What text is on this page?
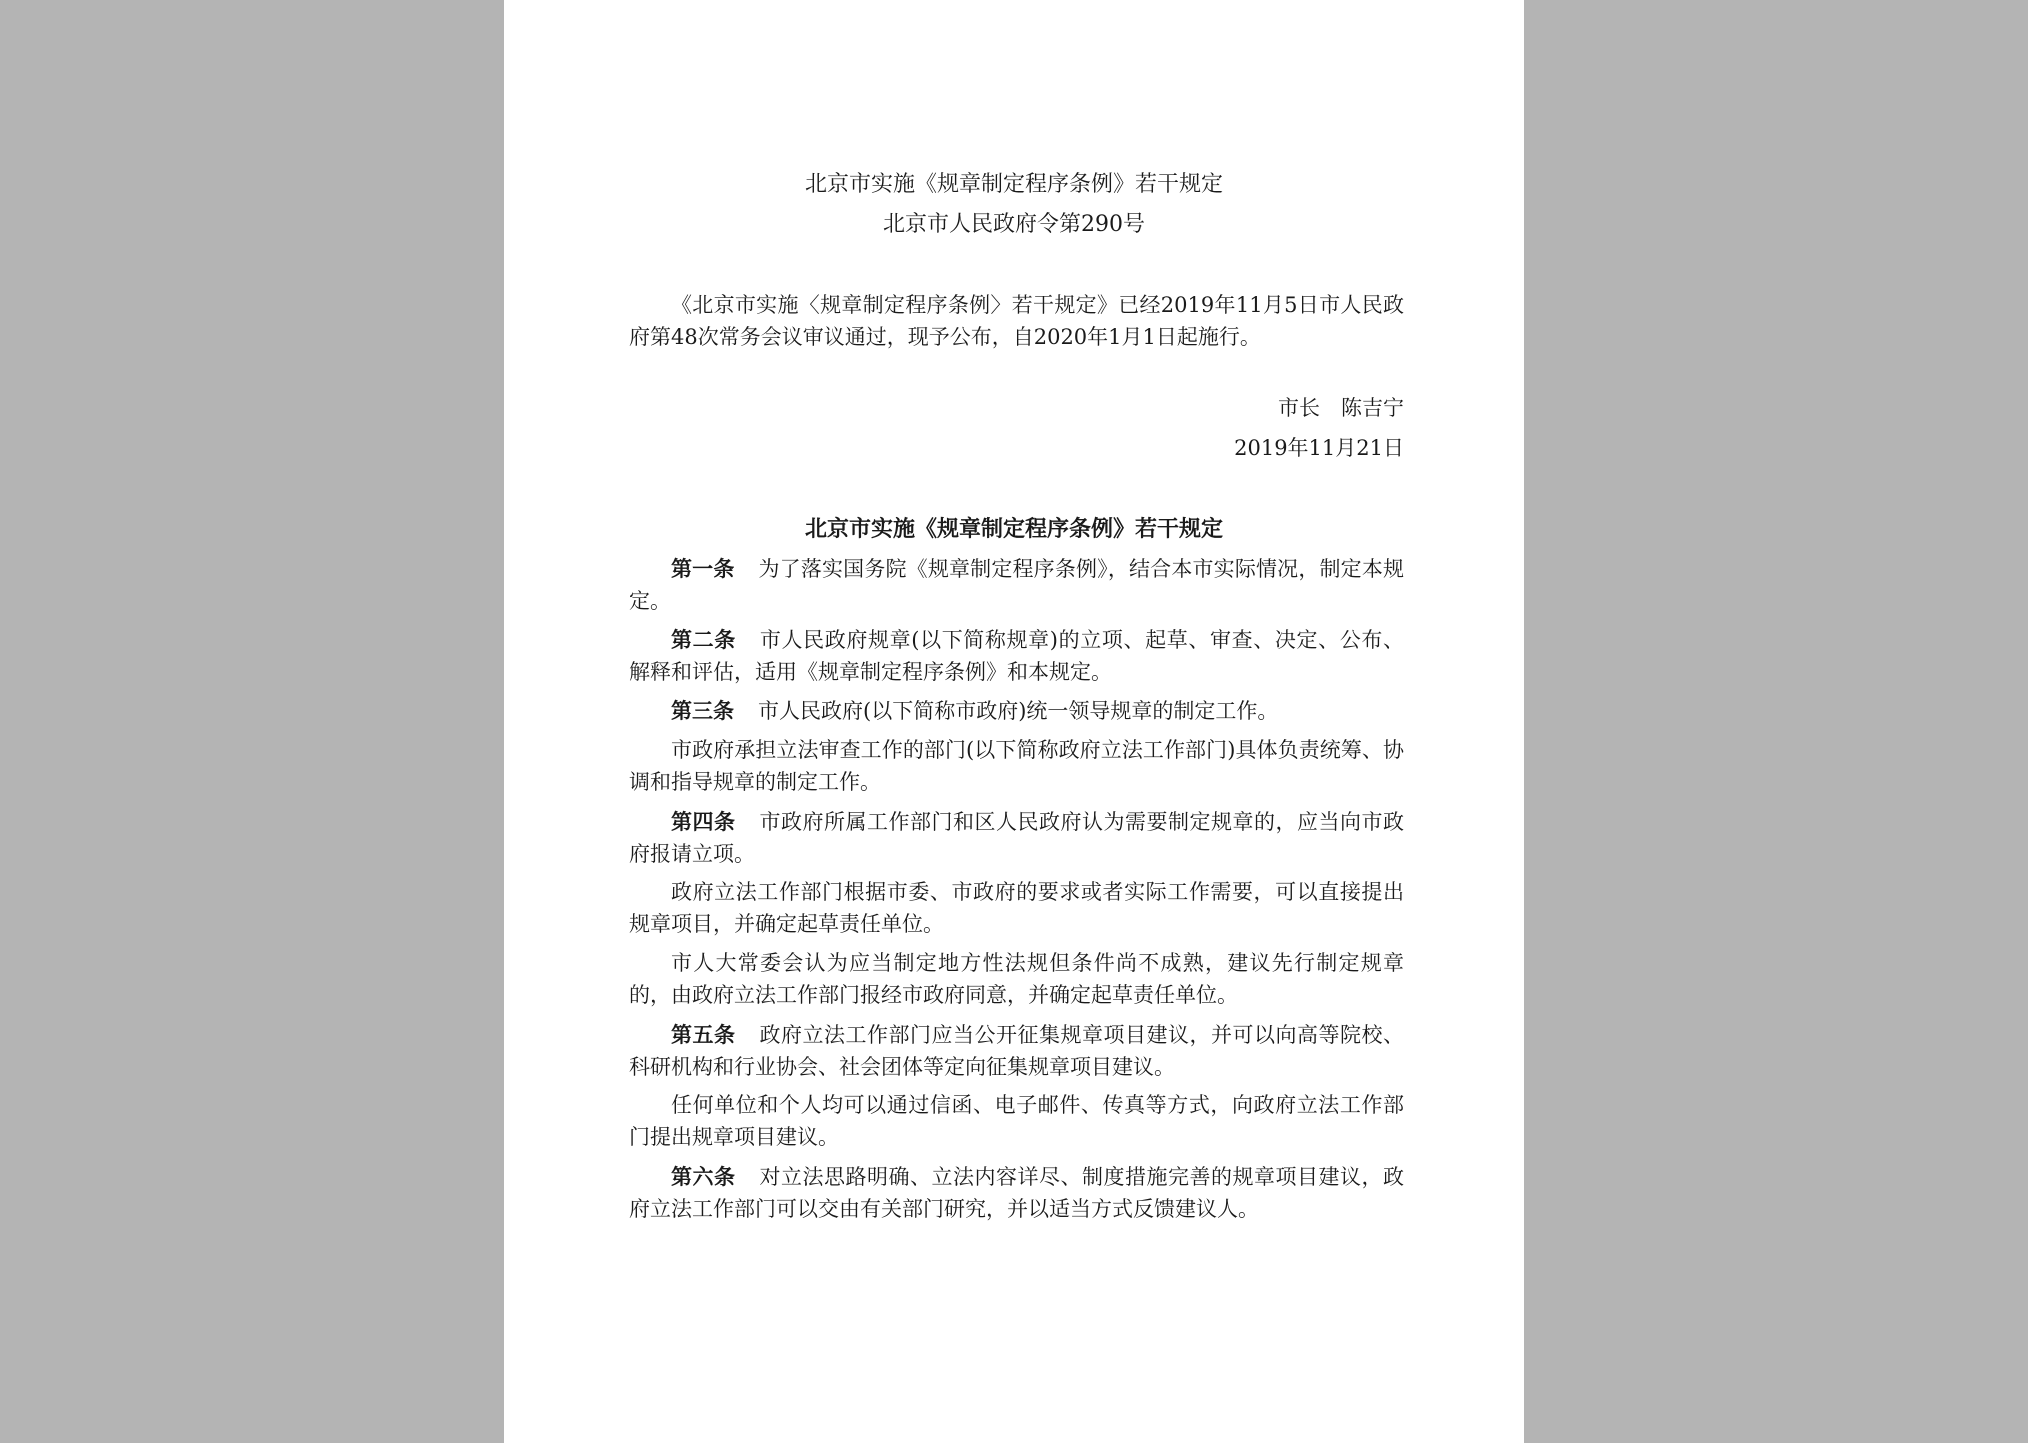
北京市实施《规章制定程序条例》若干规定
北京市人民政府令第290号

《北京市实施〈规章制定程序条例〉若干规定》已经2019年11月5日市人民政府第48次常务会议审议通过，现予公布，自2020年1月1日起施行。

市长　陈吉宁
2019年11月21日
北京市实施《规章制定程序条例》若干规定

第一条 为了落实国务院《规章制定程序条例》，结合本市实际情况，制定本规定。

第二条 市人民政府规章(以下简称规章)的立项、起草、审查、决定、公布、解释和评估，适用《规章制定程序条例》和本规定。

第三条 市人民政府(以下简称市政府)统一领导规章的制定工作。

市政府承担立法审查工作的部门(以下简称政府立法工作部门)具体负责统筹、协调和指导规章的制定工作。

第四条 市政府所属工作部门和区人民政府认为需要制定规章的，应当向市政府报请立项。

政府立法工作部门根据市委、市政府的要求或者实际工作需要，可以直接提出规章项目，并确定起草责任单位。

市人大常委会认为应当制定地方性法规但条件尚不成熟，建议先行制定规章的，由政府立法工作部门报经市政府同意，并确定起草责任单位。

第五条 政府立法工作部门应当公开征集规章项目建议，并可以向高等院校、科研机构和行业协会、社会团体等定向征集规章项目建议。

任何单位和个人均可以通过信函、电子邮件、传真等方式，向政府立法工作部门提出规章项目建议。

第六条 对立法思路明确、立法内容详尽、制度措施完善的规章项目建议，政府立法工作部门可以交由有关部门研究，并以适当方式反馈建议人。
